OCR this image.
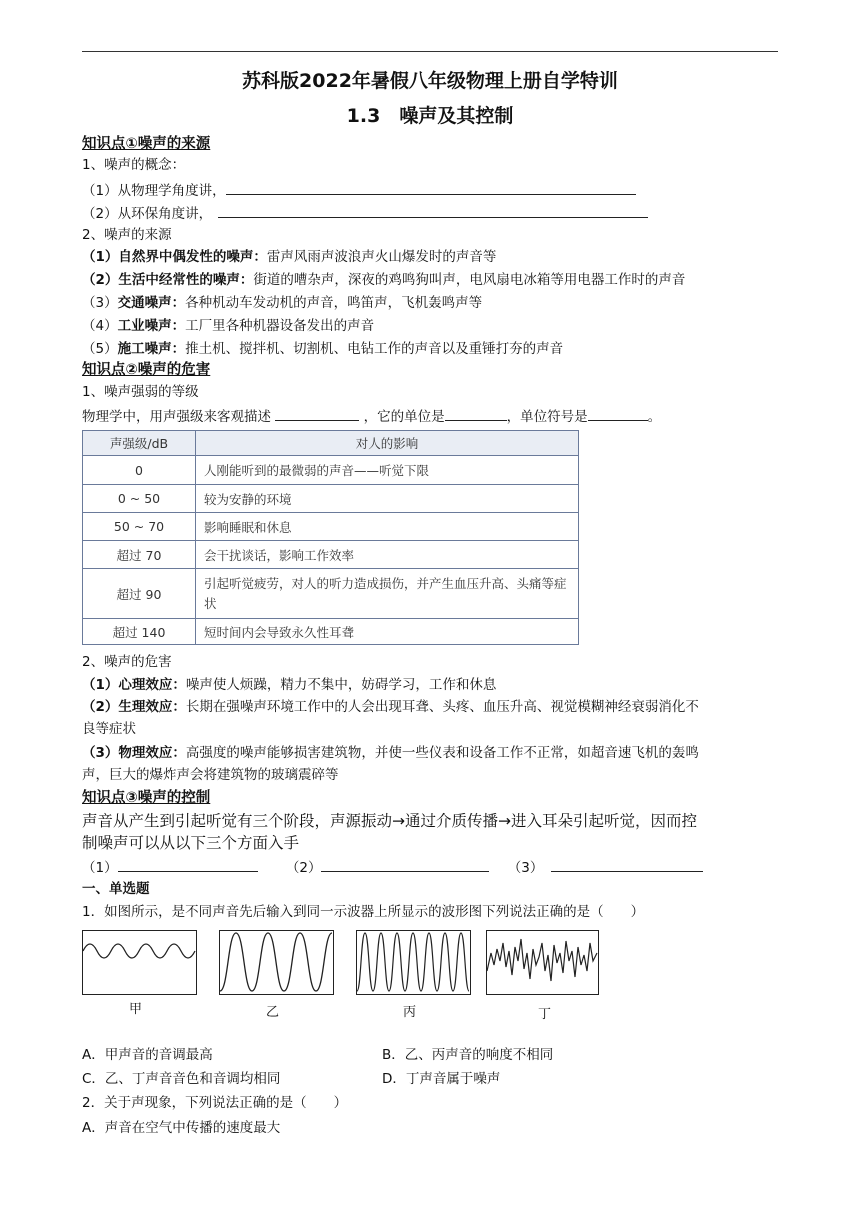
苏科版2022年暑假八年级物理上册自学特训
1.3　噪声及其控制
知识点①噪声的来源
1、噪声的概念：
（1）从物理学角度讲，
（2）从环保角度讲，
2、噪声的来源
（1）自然界中偶发性的噪声：雷声风雨声波浪声火山爆发时的声音等
（2）生活中经常性的噪声：街道的嘈杂声，深夜的鸡鸣狗叫声，电风扇电冰箱等用电器工作时的声音
（3）交通噪声：各种机动车发动机的声音，鸣笛声，飞机轰鸣声等
（4）工业噪声：工厂里各种机器设备发出的声音
（5）施工噪声：推土机、搅拌机、切割机、电钻工作的声音以及重锤打夯的声音
知识点②噪声的危害
1、噪声强弱的等级
物理学中，用声强级来客观描述	，它的单位是	，单位符号是	。
声强级/dB	对人的影响
0	人刚能听到的最微弱的声音——听觉下限
0 ~ 50	较为安静的环境
50 ~ 70	影响睡眠和休息
超过 70	会干扰谈话，影响工作效率
超过 90	引起听觉疲劳，对人的听力造成损伤，并产生血压升高、头痛等症状
超过 140	短时间内会导致永久性耳聋
2、噪声的危害
（1）心理效应：噪声使人烦躁，精力不集中，妨碍学习，工作和休息
（2）生理效应：长期在强噪声环境工作中的人会出现耳聋、头疼、血压升高、视觉模糊神经衰弱消化不
良等症状
（3）物理效应：高强度的噪声能够损害建筑物，并使一些仪表和设备工作不正常，如超音速飞机的轰鸣
声，巨大的爆炸声会将建筑物的玻璃震碎等
知识点③噪声的控制
声音从产生到引起听觉有三个阶段，声源振动→通过介质传播→进入耳朵引起听觉，因而控
制噪声可以从以下三个方面入手
（1）	（2）	（3）
一、单选题
1．如图所示，是不同声音先后输入到同一示波器上所显示的波形图下列说法正确的是（　　）
甲	乙	丙	丁
A．甲声音的音调最高	B．乙、丙声音的响度不相同
C．乙、丁声音音色和音调均相同	D．丁声音属于噪声
2．关于声现象，下列说法正确的是（　　）
A．声音在空气中传播的速度最大
